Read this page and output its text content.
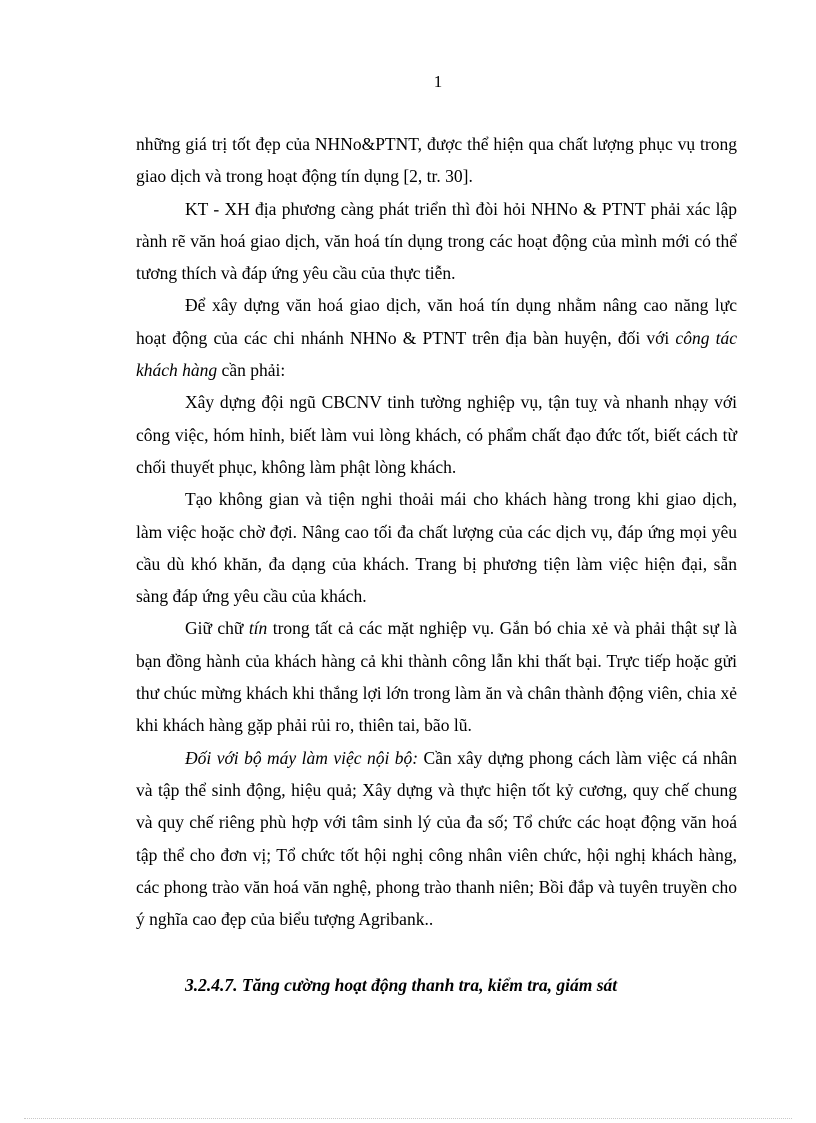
1

những giá trị tốt đẹp của NHNo&PTNT, được thể hiện qua chất lượng phục vụ trong giao dịch và trong hoạt động tín dụng [2, tr. 30].

KT - XH địa phương càng phát triển thì đòi hỏi NHNo & PTNT phải xác lập rành rẽ văn hoá giao dịch, văn hoá tín dụng trong các hoạt động của mình mới có thể tương thích và đáp ứng yêu cầu của thực tiễn.

Để xây dựng văn hoá giao dịch, văn hoá tín dụng nhằm nâng cao năng lực hoạt động của các chi nhánh NHNo & PTNT trên địa bàn huyện, đối với công tác khách hàng cần phải:

Xây dựng đội ngũ CBCNV tinh tường nghiệp vụ, tận tuỵ và nhanh nhạy với công việc, hóm hỉnh, biết làm vui lòng khách, có phẩm chất đạo đức tốt, biết cách từ chối thuyết phục, không làm phật lòng khách.

Tạo không gian và tiện nghi thoải mái cho khách hàng trong khi giao dịch, làm việc hoặc chờ đợi. Nâng cao tối đa chất lượng của các dịch vụ, đáp ứng mọi yêu cầu dù khó khăn, đa dạng của khách. Trang bị phương tiện làm việc hiện đại, sẵn sàng đáp ứng yêu cầu của khách.

Giữ chữ tín trong tất cả các mặt nghiệp vụ. Gắn bó chia xẻ và phải thật sự là bạn đồng hành của khách hàng cả khi thành công lẫn khi thất bại. Trực tiếp hoặc gửi thư chúc mừng khách khi thắng lợi lớn trong làm ăn và chân thành động viên, chia xẻ khi khách hàng gặp phải rủi ro, thiên tai, bão lũ.

Đối với bộ máy làm việc nội bộ: Cần xây dựng phong cách làm việc cá nhân và tập thể sinh động, hiệu quả; Xây dựng và thực hiện tốt kỷ cương, quy chế chung và quy chế riêng phù hợp với tâm sinh lý của đa số; Tổ chức các hoạt động văn hoá tập thể cho đơn vị; Tổ chức tốt hội nghị công nhân viên chức, hội nghị khách hàng, các phong trào văn hoá văn nghệ, phong trào thanh niên; Bồi đắp và tuyên truyền cho ý nghĩa cao đẹp của biểu tượng Agribank..

3.2.4.7. Tăng cường hoạt động thanh tra, kiểm tra, giám sát
